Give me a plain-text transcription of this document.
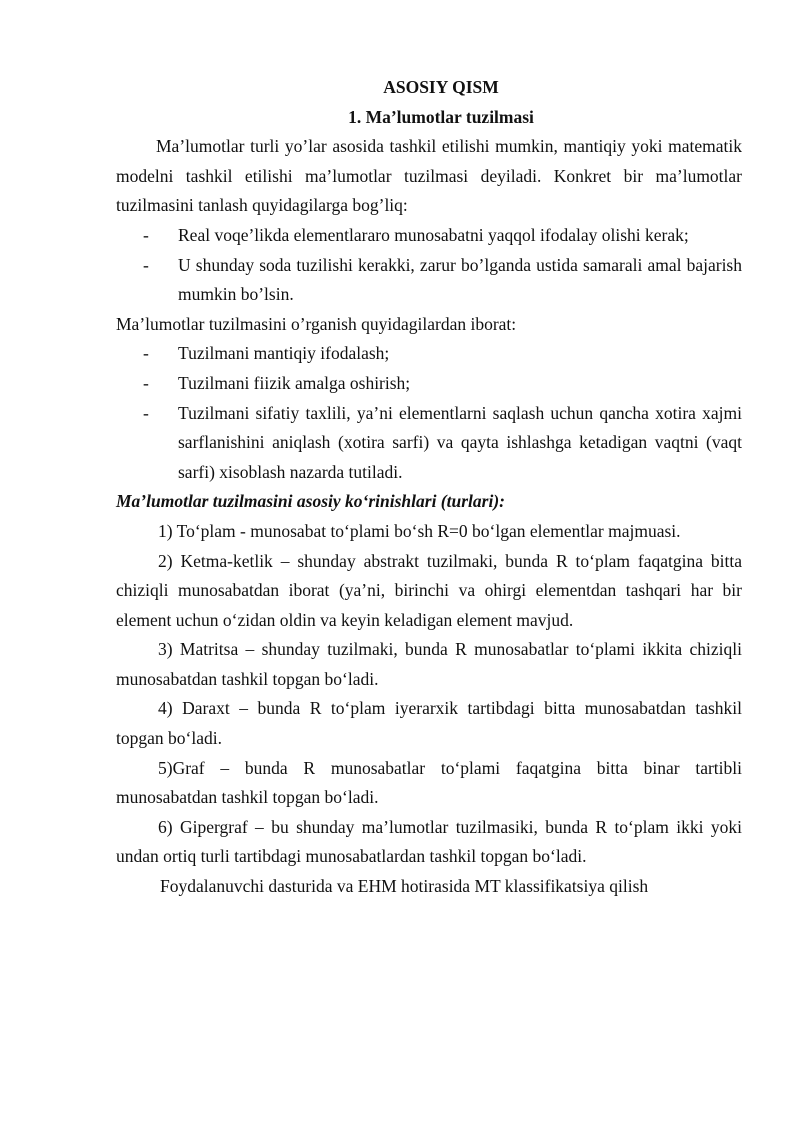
ASOSIY QISM

1. Ma’lumotlar tuzilmasi

Ma’lumotlar turli yo’lar asosida tashkil etilishi mumkin, mantiqiy yoki matematik modelni tashkil etilishi ma’lumotlar tuzilmasi deyiladi. Konkret bir ma’lumotlar tuzilmasini tanlash quyidagilarga bog’liq:

-	Real voqe’likda elementlararo munosabatni yaqqol ifodalay olishi kerak;
-	U shunday soda tuzilishi kerakki, zarur bo’lganda ustida samarali amal bajarish mumkin bo’lsin.

Ma’lumotlar tuzilmasini o’rganish quyidagilardan iborat:

-	Tuzilmani mantiqiy ifodalash;
-	Tuzilmani fiizik amalga oshirish;
-	Tuzilmani sifatiy taxlili, ya’ni elementlarni saqlash uchun qancha xotira xajmi sarflanishini aniqlash (xotira sarfi) va qayta ishlashga ketadigan vaqtni (vaqt sarfi) xisoblash nazarda tutiladi.

Ma’lumotlar tuzilmasini asosiy ko‘rinishlari (turlari):

1) To‘plam - munosabat to‘plami bo‘sh R=0 bo‘lgan elementlar majmuasi.

2) Ketma-ketlik – shunday abstrakt tuzilmaki, bunda R to‘plam faqatgina bitta chiziqli munosabatdan iborat (ya’ni, birinchi va ohirgi elementdan tashqari har bir element uchun o‘zidan oldin va keyin keladigan element mavjud.

3) Matritsa – shunday tuzilmaki, bunda R munosabatlar to‘plami ikkita chiziqli munosabatdan tashkil topgan bo‘ladi.

4) Daraxt – bunda R to‘plam iyerarxik tartibdagi bitta munosabatdan tashkil topgan bo‘ladi.

5)Graf – bunda R munosabatlar to‘plami faqatgina bitta binar tartibli munosabatdan tashkil topgan bo‘ladi.

6) Gipergraf – bu shunday ma’lumotlar tuzilmasiki, bunda R to‘plam ikki yoki undan ortiq turli tartibdagi munosabatlardan tashkil topgan bo‘ladi.

Foydalanuvchi dasturida va EHM hotirasida MT klassifikatsiya qilish
